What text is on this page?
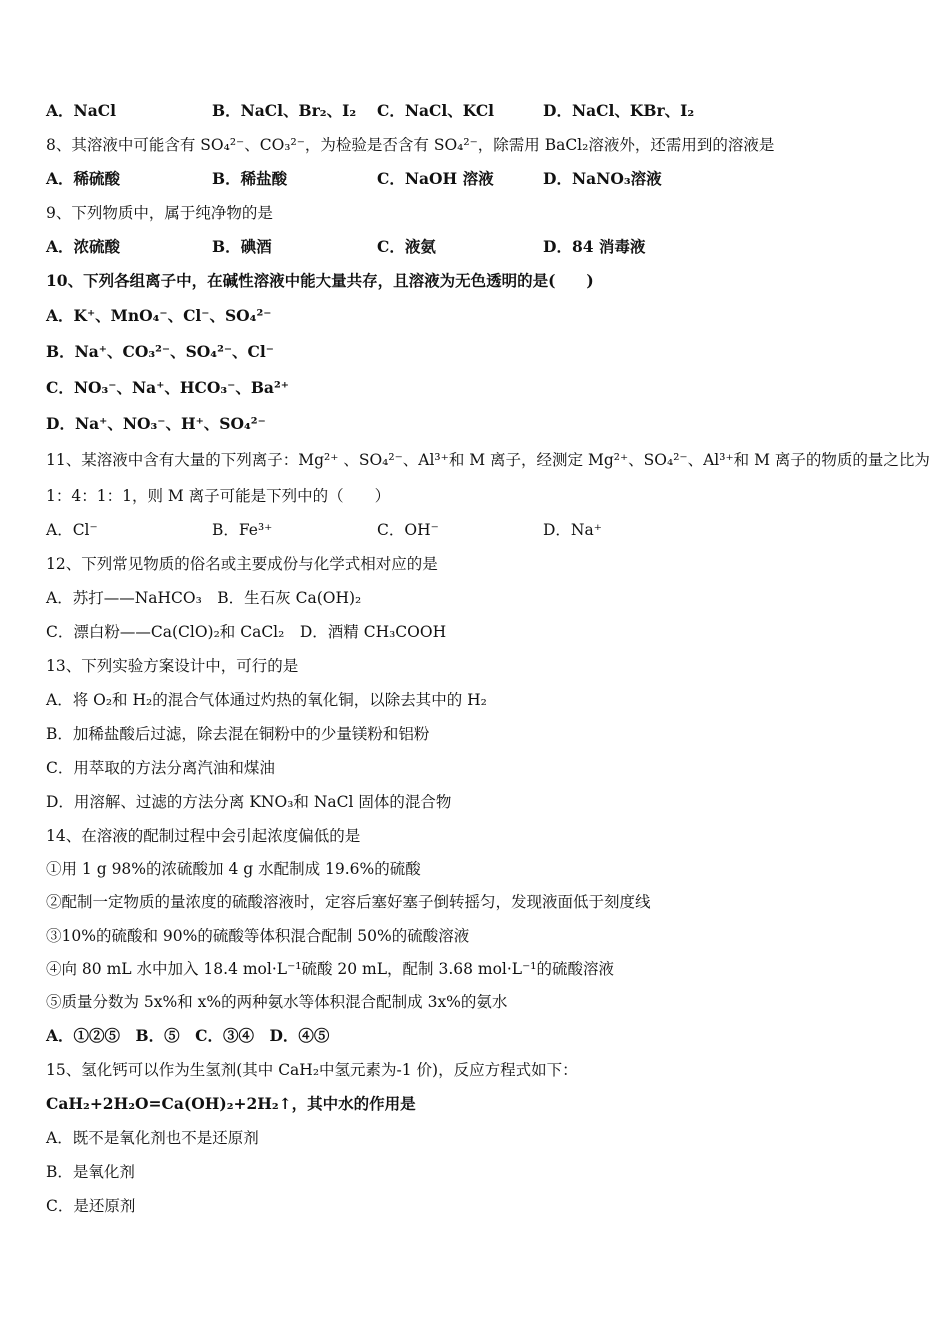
A．NaCl	B．NaCl、Br₂、I₂ C．NaCl、KCl	D．NaCl、KBr、I₂
8、其溶液中可能含有 SO₄²⁻、CO₃²⁻，为检验是否含有 SO₄²⁻，除需用 BaCl₂溶液外，还需用到的溶液是
A．稀硫酸	B．稀盐酸	C．NaOH 溶液	D．NaNO₃溶液
9、下列物质中，属于纯净物的是
A．浓硫酸	B．碘酒	C．液氨	D．84 消毒液
10、下列各组离子中，在碱性溶液中能大量共存，且溶液为无色透明的是(　　)
A．K⁺、MnO₄⁻、Cl⁻、SO₄²⁻
B．Na⁺、CO₃²⁻、SO₄²⁻、Cl⁻
C．NO₃⁻、Na⁺、HCO₃⁻、Ba²⁺
D．Na⁺、NO₃⁻、H⁺、SO₄²⁻
11、某溶液中含有大量的下列离子：Mg²⁺ 、SO₄²⁻、Al³⁺和 M 离子，经测定 Mg²⁺、SO₄²⁻、Al³⁺和 M 离子的物质的量之比为
1：4：1：1，则 M 离子可能是下列中的（　　）
A．Cl⁻	B．Fe³⁺	C．OH⁻	D．Na⁺
12、下列常见物质的俗名或主要成份与化学式相对应的是
A．苏打——NaHCO₃　B．生石灰 Ca(OH)₂
C．漂白粉——Ca(ClO)₂和 CaCl₂　D．酒精 CH₃COOH
13、下列实验方案设计中，可行的是
A．将 O₂和 H₂的混合气体通过灼热的氧化铜，以除去其中的 H₂
B．加稀盐酸后过滤，除去混在铜粉中的少量镁粉和铝粉
C．用萃取的方法分离汽油和煤油
D．用溶解、过滤的方法分离 KNO₃和 NaCl 固体的混合物
14、在溶液的配制过程中会引起浓度偏低的是
①用 1 g 98%的浓硫酸加 4 g 水配制成 19.6%的硫酸
②配制一定物质的量浓度的硫酸溶液时，定容后塞好塞子倒转摇匀，发现液面低于刻度线
③10%的硫酸和 90%的硫酸等体积混合配制 50%的硫酸溶液
④向 80 mL 水中加入 18.4 mol·L⁻¹硫酸 20 mL，配制 3.68 mol·L⁻¹的硫酸溶液
⑤质量分数为 5x%和 x%的两种氨水等体积混合配制成 3x%的氨水
A．①②⑤　B．⑤　C．③④　D．④⑤
15、氢化钙可以作为生氢剂(其中 CaH₂中氢元素为-1 价)，反应方程式如下：
CaH₂+2H₂O=Ca(OH)₂+2H₂↑，其中水的作用是
A．既不是氧化剂也不是还原剂
B．是氧化剂
C．是还原剂
